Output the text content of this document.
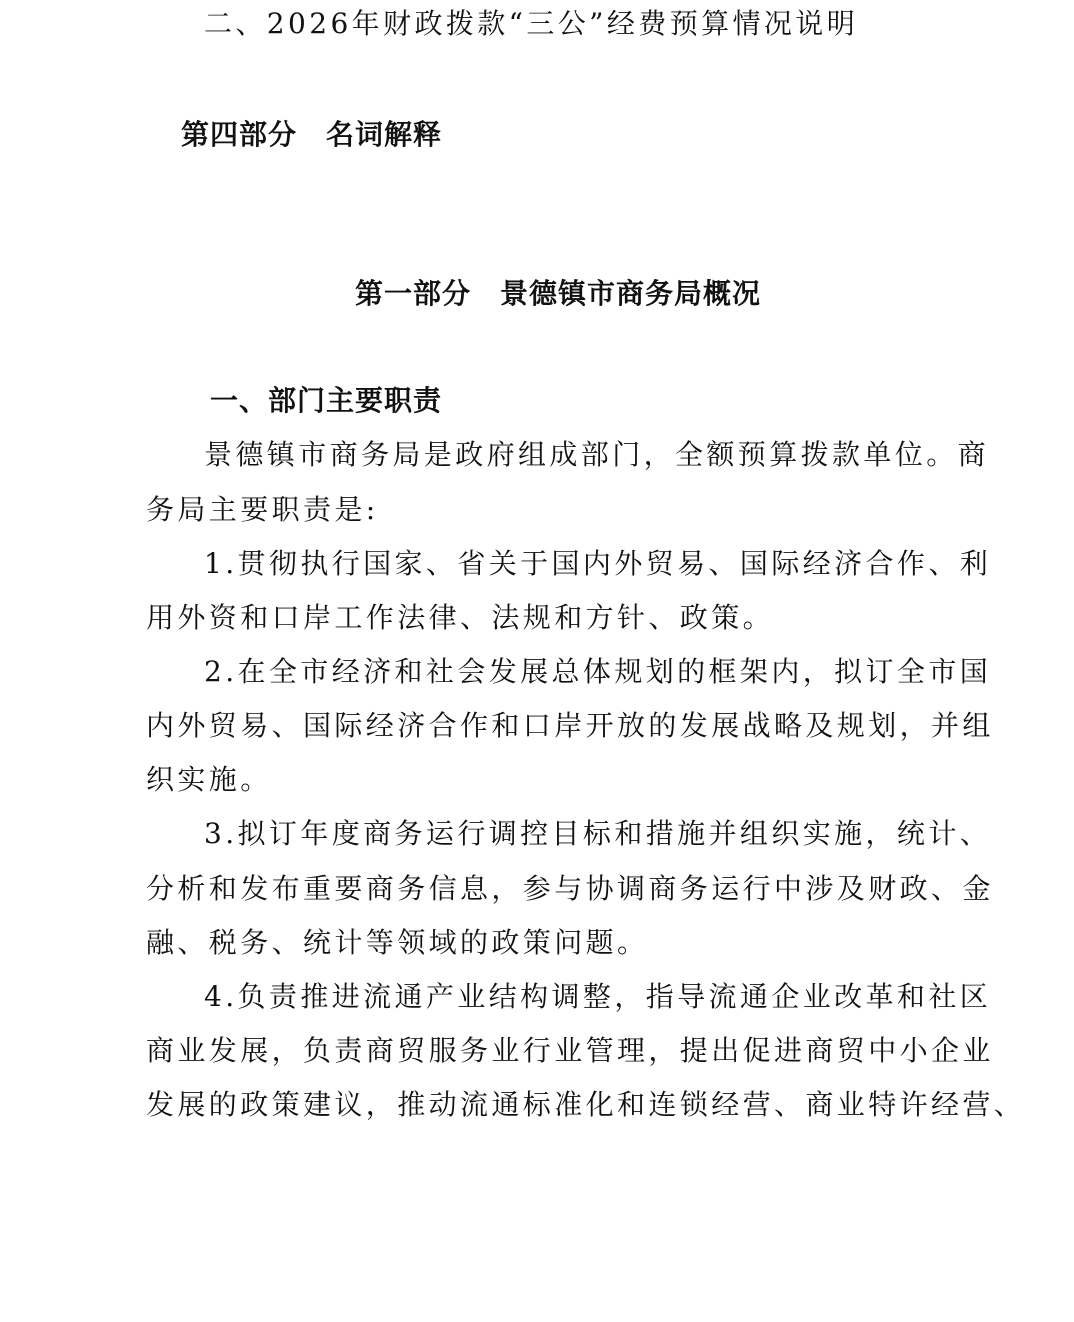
二、2026年财政拨款“三公”经费预算情况说明
第四部分　名词解释
第一部分　景德镇市商务局概况
一、部门主要职责
景德镇市商务局是政府组成部门，全额预算拨款单位。商
务局主要职责是:
1.贯彻执行国家、省关于国内外贸易、国际经济合作、利
用外资和口岸工作法律、法规和方针、政策。
2.在全市经济和社会发展总体规划的框架内，拟订全市国
内外贸易、国际经济合作和口岸开放的发展战略及规划，并组
织实施。
3.拟订年度商务运行调控目标和措施并组织实施，统计、
分析和发布重要商务信息，参与协调商务运行中涉及财政、金
融、税务、统计等领域的政策问题。
4.负责推进流通产业结构调整，指导流通企业改革和社区
商业发展，负责商贸服务业行业管理，提出促进商贸中小企业
发展的政策建议，推动流通标准化和连锁经营、商业特许经营、
